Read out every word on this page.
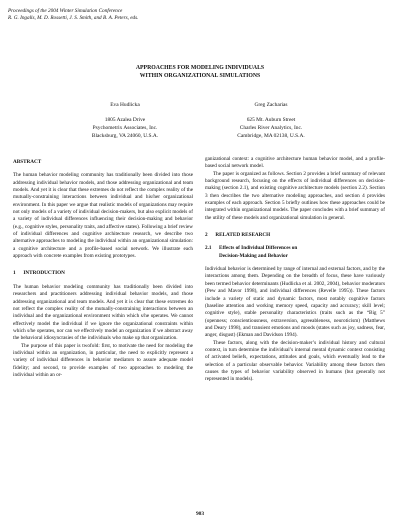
Proceedings of the 2004 Winter Simulation Conference
R. G. Ingalls, M. D. Rossetti, J. S. Smith, and B. A. Peters, eds.
APPROACHES FOR MODELING INDIVIDUALS
WITHIN ORGANIZATIONAL SIMULATIONS
Eva Hudlicka
1805 Azalea Drive
Psychometrix Associates, Inc.
Blacksburg, VA 24060, U.S.A.
Greg Zacharias
625 Mt. Auburn Street
Charles River Analytics, Inc.
Cambridge, MA 02138, U.S.A.
ABSTRACT

The human behavior modeling community has traditionally been divided into those addressing individual behavior models, and those addressing organizational and team models. And yet it is clear that these extremes do not reflect the complex reality of the mutually-constraining interactions between individual and his/her organizational environment. In this paper we argue that realistic models of organizations may require not only models of a variety of individual decision-makers, but also explicit models of a variety of individual differences influencing their decision-making and behavior (e.g., cognitive styles, personality traits, and affective states). Following a brief review of individual differences and cognitive architecture research, we describe two alternative approaches to modeling the individual within an organizational simulation: a cognitive architecture and a profile-based social network. We illustrate each approach with concrete examples from existing prototypes.

1      INTRODUCTION

The human behavior modeling community has traditionally been divided into researchers and practitioners addressing individual behavior models, and those addressing organizational and team models. And yet it is clear that these extremes do not reflect the complex reality of the mutually-constraining interactions between an individual and the organizational environment within which s/he operates. We cannot effectively model the individual if we ignore the organizational constraints within which s/he operates, nor can we effectively model an organization if we abstract away the behavioral idiosyncrasies of the individuals who make up that organization.

The purpose of this paper is twofold: first, to motivate the need for modeling the individual within an organization, in particular, the need to explicitly represent a variety of individual differences in behavior mediators to assure adequate model fidelity; and second, to provide examples of two approaches to modeling the individual within an or-

ganizational context: a cognitive architecture human behavior model, and a profile-based social network model.

The paper is organized as follows. Section 2 provides a brief summary of relevant background research, focusing on the effects of individual differences on decision-making (section 2.1), and existing cognitive architecture models (section 2.2). Section 3 then describes the two alternative modeling approaches, and section 4 provides examples of each approach. Section 5 briefly outlines how these approaches could be integrated within organizational models. The paper concludes with a brief summary of the utility of these models and organizational simulation in general.

2      RELATED RESEARCH
2.1 Effects of Individual Differences on
Decision-Making and Behavior

Individual behavior is determined by range of internal and external factors, and by the interactions among them. Depending on the breadth of focus, these have variously been termed behavior determinants (Hudlicka et al. 2002, 2004), behavior moderators (Pew and Mavor 1998), and individual differences (Revelle 1995)). These factors include a variety of static and dynamic factors, most notably cognitive factors (baseline attention and working memory speed, capacity and accuracy; skill level; cognitive style), stable personality characteristics (traits such as the “Big 5” (openness; conscientiousness, extraversion, agreeableness, neuroticism) (Matthews and Deary 1998), and transient emotions and moods (states such as joy, sadness, fear, anger, disgust) (Ekman and Davidson 1994).

These factors, along with the decision-maker’s individual history and cultural context, in turn determine the individual’s internal mental dynamic context consisting of activated beliefs, expectations, attitudes and goals, which eventually lead to the selection of a particular observable behavior. Variability among these factors then causes the types of behavior variability observed in humans (but generally not represented in models).

903
